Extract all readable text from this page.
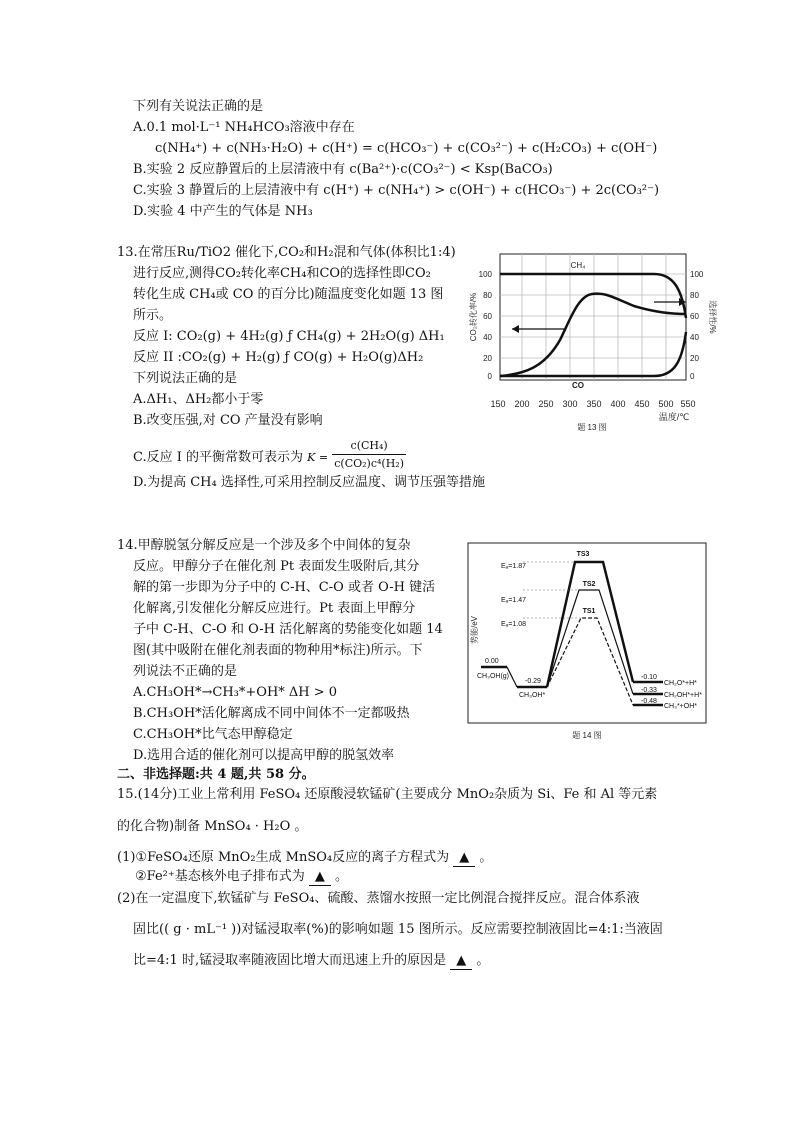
下列有关说法正确的是
A.0.1 mol·L⁻¹ NH₄HCO₃溶液中存在
c(NH₄⁺) + c(NH₃·H₂O) + c(H⁺) = c(HCO₃⁻) + c(CO₃²⁻) + c(H₂CO₃) + c(OH⁻)
B.实验 2 反应静置后的上层清液中有 c(Ba²⁺)·c(CO₃²⁻) < Ksp(BaCO₃)
C.实验 3 静置后的上层清液中有 c(H⁺) + c(NH₄⁺) > c(OH⁻) + c(HCO₃⁻) + 2c(CO₃²⁻)
D.实验 4 中产生的气体是 NH₃
13.在常压Ru/TiO2 催化下,CO₂和H₂混和气体(体积比1:4)
进行反应,测得CO₂转化率CH₄和CO的选择性即CO₂
转化生成 CH₄或 CO 的百分比)随温度变化如题 13 图
所示。
反应 I: CO₂(g) + 4H₂(g) ƒ CH₄(g) + 2H₂O(g) ΔH₁
反应 II :CO₂(g) + H₂(g) ƒ CO(g) + H₂O(g)ΔH₂
下列说法正确的是
A.ΔH₁、ΔH₂都小于零
B.改变压强,对 CO 产量没有影响
C.反应 I 的平衡常数可表示为 $K = \frac{\text{c(CH₄)}}{\text{c(CO₂)c⁴(H₂)}}$
D.为提高 CH₄ 选择性,可采用控制反应温度、调节压强等措施
100
80
60
40
20
0
100
80
60
40
20
0
150 200 250 300 350 400 450 500 550
温度/℃
题 13 图
CO₂转化率/%	选择性/%
CH₄
CO
14.甲醇脱氢分解反应是一个涉及多个中间体的复杂
反应。甲醇分子在催化剂 Pt 表面发生吸附后,其分
解的第一步即为分子中的 C-H、C-O 或者 O-H 键活
化解离,引发催化分解反应进行。Pt 表面上甲醇分
子中 C-H、C-O 和 O-H 活化解离的势能变化如题 14
图(其中吸附在催化剂表面的物种用*标注)所示。下
列说法不正确的是
A.CH₃OH*→CH₃*+OH* ΔH > 0
B.CH₃OH*活化解离成不同中间体不一定都吸热
C.CH₃OH*比气态甲醇稳定
D.选用合适的催化剂可以提高甲醇的脱氢效率
势能/eV
TS3
TS2
TS1
Eₐ=1.87
Eₐ=1.47
Eₐ=1.08
0.00
CH₃OH(g)
-0.29
CH₃OH*
-0.10
CH₂O*+H*
-0.33
CH₂OH*+H*
-0.48
CH₃*+OH*
题 14 图
二、非选择题:共 4 题,共 58 分。
15.(14分)工业上常利用 FeSO₄ 还原酸浸软锰矿(主要成分 MnO₂杂质为 Si、Fe 和 Al 等元素
的化合物)制备 MnSO₄ · H₂O 。
(1)①FeSO₄还原 MnO₂生成 MnSO₄反应的离子方程式为 ▲ 。
②Fe²⁺基态核外电子排布式为 ▲ 。
(2)在一定温度下,软锰矿与 FeSO₄、硫酸、蒸馏水按照一定比例混合搅拌反应。混合体系液
固比(( g · mL⁻¹ ))对锰浸取率(%)的影响如题 15 图所示。反应需要控制液固比=4:1:当液固
比=4:1 时,锰浸取率随液固比增大而迅速上升的原因是 ▲ 。
